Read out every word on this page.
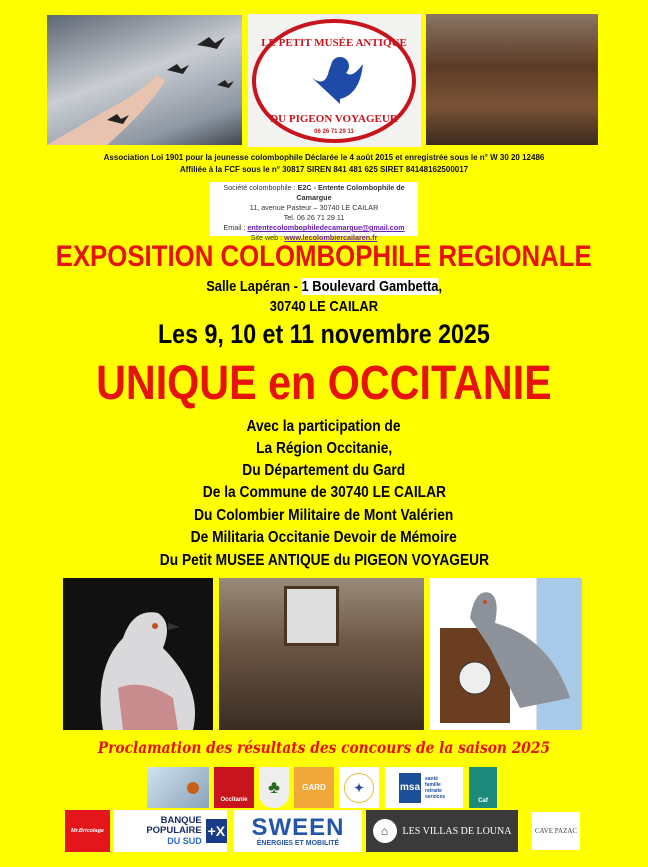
LE PETIT MUSÉE ANTIQUE
DU PIGEON VOYAGEUR
06 26 71 29 11
Association Loi 1901 pour la jeunesse colombophile Déclarée le 4 août 2015 et enregistrée sous le n° W 30 20 12486
Affiliée à la FCF sous le n° 30817 SIREN 841 481 625 SIRET 84148162500017
Société colombophile : E2C - Entente Colombophile de Camargue
11, avenue Pasteur – 30740 LE CAILAR
Tel. 06 26 71 29 11
Email : ententecolombophiledecamargue@gmail.com
Site web : www.lecolombiercailaren.fr
EXPOSITION COLOMBOPHILE REGIONALE
Salle Lapéran - 1 Boulevard Gambetta,
30740 LE CAILAR
Les 9, 10 et 11 novembre 2025
UNIQUE en OCCITANIE
Avec la participation de
La Région Occitanie,
Du Département du Gard
De la Commune de 30740 LE CAILAR
Du Colombier Militaire de Mont Valérien
De Militaria Occitanie Devoir de Mémoire
Du Petit MUSEE ANTIQUE du PIGEON VOYAGEUR
Proclamation des résultats des concours de la saison 2025
Occitanie
♣	GARD	✦	msa
santé famille retraite services
Caf
Mr.Bricolage
BANQUE POPULAIRE
DU SUD
+X SWEEN
ÉNERGIES ET MOBILITÉ
⌂	LES VILLAS DE LOUNA	CAVE PAZAC
